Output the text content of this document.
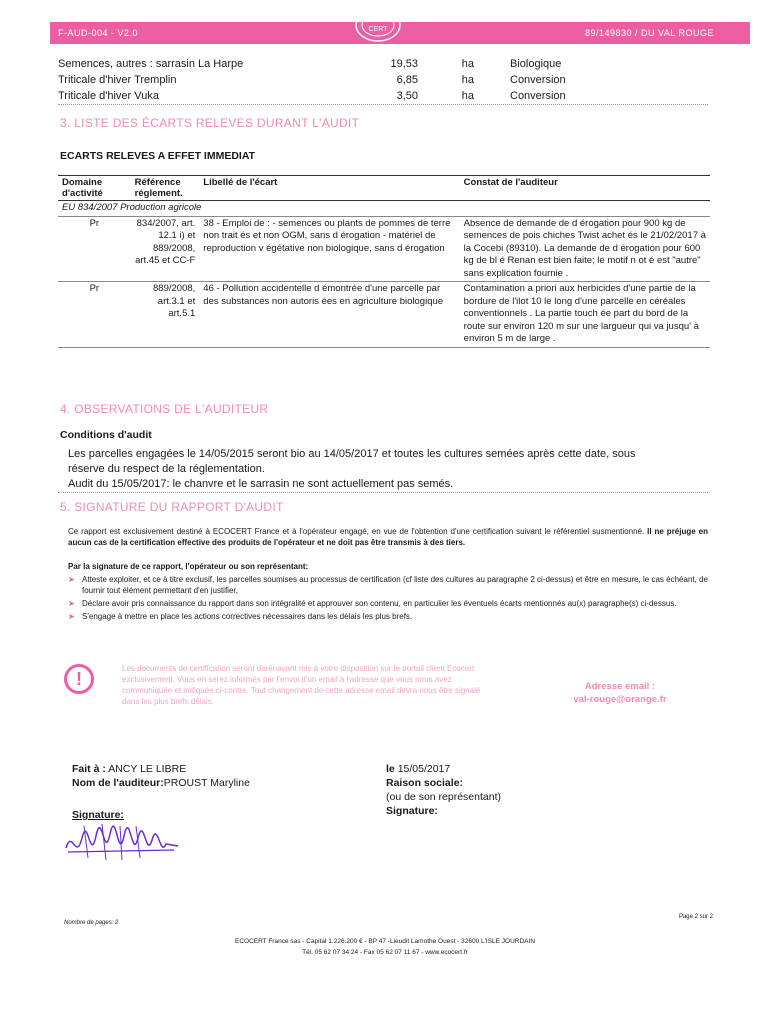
F-AUD-004 - V2.0	89/149830 / DU VAL ROUGE
ECO
CERT
Semences, autres : sarrasin La Harpe	19,53	ha	Biologique
Triticale d'hiver Tremplin	6,85	ha	Conversion
Triticale d'hiver Vuka	3,50	ha	Conversion
3. LISTE DES ÉCARTS RELEVES DURANT L'AUDIT
ECARTS RELEVES A EFFET IMMEDIAT
Domaine d'activité	Référence réglement.	Libellé de l'écart	Constat de l'auditeur
EU 834/2007 Production agricole			
Pr	834/2007, art. 12.1 i) et 889/2008, art.45 et CC-F	38 - Emploi de : - semences ou plants de pommes de terre non trait és et non OGM, sans d érogation - matériel de reproduction v égétative non biologique, sans d érogation	Absence de demande de d érogation pour 900 kg de semences de pois chiches Twist achet és le 21/02/2017 à la Cocebi (89310). La demande de d érogation pour 600 kg de bl é Renan est bien faite; le motif n ot é est "autre" sans explication fournie .
Pr	889/2008, art.3.1 et art.5.1	46 - Pollution accidentelle d émontrée d'une parcelle par des substances non autoris ées en agriculture biologique	Contamination a priori aux herbicides d'une partie de la bordure de l'ilot 10 le long d'une parcelle en céréales conventionnels . La partie touch ée part du bord de la route sur environ 120 m sur une largueur qui va jusqu' à environ 5 m de large .
4. OBSERVATIONS DE L'AUDITEUR
Conditions d'audit
Les parcelles engagées le 14/05/2015 seront bio au 14/05/2017 et toutes les cultures semées après cette date, sous
réserve du respect de la réglementation.
Audit du 15/05/2017: le chanvre et le sarrasin ne sont actuellement pas semés.
5. SIGNATURE DU RAPPORT D'AUDIT
Ce rapport est exclusivement destiné à ECOCERT France et à l'opérateur engagé, en vue de l'obtention d'une certification suivant le référentiel susmentionné. Il ne préjuge en aucun cas de la certification effective des produits de l'opérateur et ne doit pas être transmis à des tiers.
Par la signature de ce rapport, l'opérateur ou son représentant:
➤ Atteste exploiter, et ce à titre exclusif, les parcelles soumises au processus de certification (cf liste des cultures au paragraphe 2 ci-dessus) et être en mesure, le cas échéant, de fournir tout élément permettant d'en justifier,
➤ Déclare avoir pris connaissance du rapport dans son intégralité et approuver son contenu, en particulier les éventuels écarts mentionnés au(x) paragraphe(s) ci-dessus.
➤ S'engage à mettre en place les actions correctives nécessaires dans les délais les plus brefs.
!
Les documents de certification seront dorénavant mis à votre disposition sur le portail client Ecocert exclusivement. Vous en serez informés par l'envoi d'un email à l'adresse que vous nous avez communiquée et indiquée ci-contre. Tout changement de cette adresse email devra nous être signalé dans les plus brefs délais.
Adresse email :
val-rouge@orange.fr
Fait à : ANCY LE LIBRE
Nom de l'auditeur:PROUST Maryline
Signature:
le 15/05/2017
Raison sociale:
(ou de son représentant)
Signature:
Nombre de pages: 2
Page 2 sur 2
ECOCERT France sas - Capital 1.226.200 € - BP 47 -Lieudit Lamothe Ouest - 32600 L'ISLE JOURDAIN
Tél. 05 62 07 34 24 - Fax 05 62 07 11 67 - www.ecocert.fr
